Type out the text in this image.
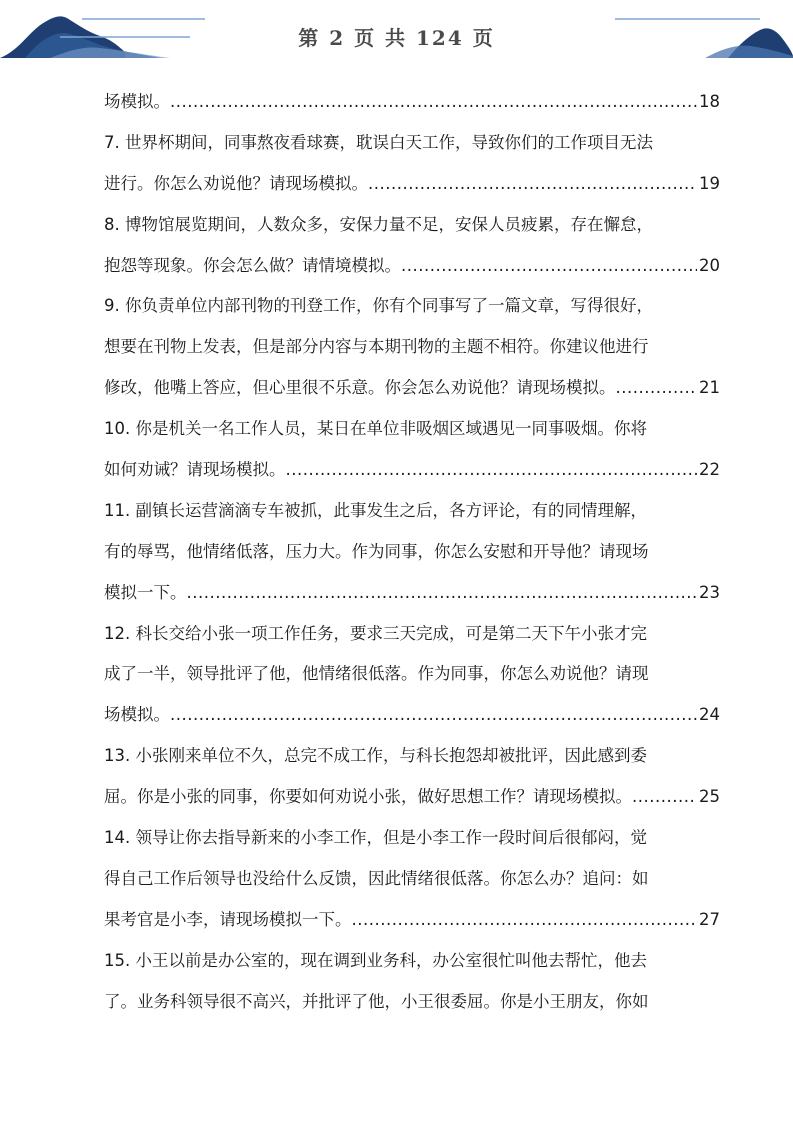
第 2 页 共 124 页
场模拟。 .....	18
7. 世界杯期间，同事熬夜看球赛，耽误白天工作，导致你们的工作项目无法
进行。你怎么劝说他？请现场模拟。 .....	19
8. 博物馆展览期间，人数众多，安保力量不足，安保人员疲累，存在懈怠，
抱怨等现象。你会怎么做？请情境模拟。 .....	20
9. 你负责单位内部刊物的刊登工作，你有个同事写了一篇文章，写得很好，
想要在刊物上发表，但是部分内容与本期刊物的主题不相符。你建议他进行
修改，他嘴上答应，但心里很不乐意。你会怎么劝说他？请现场模拟。 .....	21
10. 你是机关一名工作人员，某日在单位非吸烟区域遇见一同事吸烟。你将
如何劝诫？请现场模拟。 .....	22
11. 副镇长运营滴滴专车被抓，此事发生之后，各方评论，有的同情理解，
有的辱骂，他情绪低落，压力大。作为同事，你怎么安慰和开导他？请现场
模拟一下。 .....	23
12. 科长交给小张一项工作任务，要求三天完成，可是第二天下午小张才完
成了一半，领导批评了他，他情绪很低落。作为同事，你怎么劝说他？请现
场模拟。 .....	24
13. 小张刚来单位不久，总完不成工作，与科长抱怨却被批评，因此感到委
屈。你是小张的同事，你要如何劝说小张，做好思想工作？请现场模拟。 .....	25
14. 领导让你去指导新来的小李工作，但是小李工作一段时间后很郁闷，觉
得自己工作后领导也没给什么反馈，因此情绪很低落。你怎么办？追问：如
果考官是小李，请现场模拟一下。 .....	27
15. 小王以前是办公室的，现在调到业务科，办公室很忙叫他去帮忙，他去
了。业务科领导很不高兴，并批评了他，小王很委屈。你是小王朋友，你如
